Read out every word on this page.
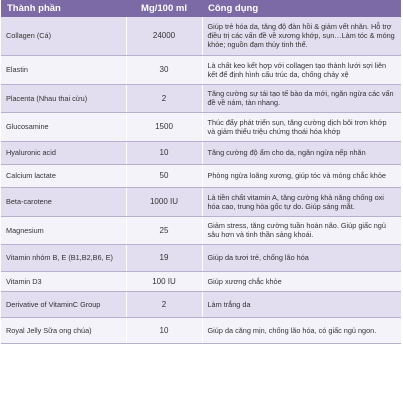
Thành phần	Mg/100 ml	Công dụng
Collagen (Cá)	24000	Giúp trẻ hóa da, tăng độ đàn hồi & giảm vết nhăn. Hỗ trợ điều trị các vấn đề về xương khớp, sụn…Làm tóc & móng khỏe; nguồn đạm thủy tinh thể.
Elastin	30	Là chất keo kết hợp với collagen tạo thành lưới sợi liên kết để định hình cấu trúc da, chống chảy xệ
Placenta (Nhau thai cừu)	2	Tăng cường sự tái tạo tế bào da mới, ngăn ngừa các vấn đề về nám, tàn nhang.
Glucosamine	1500	Thúc đẩy phát triển sụn, tăng cường dịch bôi trơn khớp và giảm thiểu triệu chứng thoái hóa khớp
Hyaluronic acid	10	Tăng cường độ ẩm cho da, ngăn ngừa nếp nhăn
Calcium lactate	50	Phòng ngừa loãng xương, giúp tóc và móng chắc khỏe
Beta-carotene	1000 IU	Là tiền chất vitamin A, tăng cường khả năng chống oxi hóa cao, trung hòa gốc tự do. Giúp sáng mắt.
Magnesium	25	Giảm stress, tăng cường tuần hoàn não. Giúp giấc ngủ sâu hơn và tinh thần sảng khoái.
Vitamin nhóm B, E (B1,B2,B6, E)	19	Giúp da tươi trẻ, chống lão hóa
Vitamin D3	100 IU	Giúp xương chắc khỏe
Derivative of VitaminC Group	2	Làm trắng da
Royal Jelly Sữa ong chúa)	10	Giúp da căng mịn, chống lão hóa, có giấc ngủ ngon.
